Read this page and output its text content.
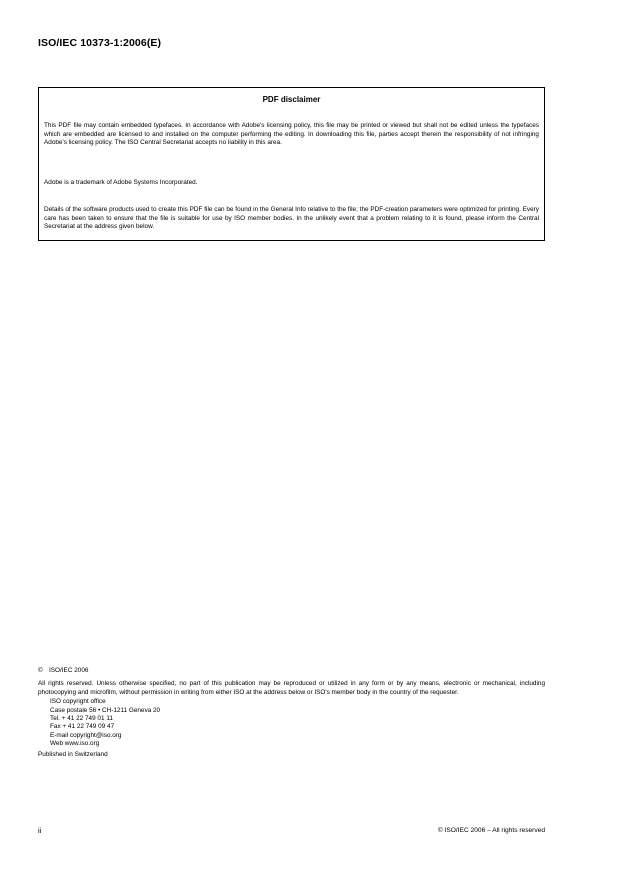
ISO/IEC 10373-1:2006(E)
PDF disclaimer
This PDF file may contain embedded typefaces. In accordance with Adobe's licensing policy, this file may be printed or viewed but shall not be edited unless the typefaces which are embedded are licensed to and installed on the computer performing the editing. In downloading this file, parties accept therein the responsibility of not infringing Adobe's licensing policy. The ISO Central Secretariat accepts no liability in this area.
Adobe is a trademark of Adobe Systems Incorporated.
Details of the software products used to create this PDF file can be found in the General Info relative to the file; the PDF-creation parameters were optimized for printing. Every care has been taken to ensure that the file is suitable for use by ISO member bodies. In the unlikely event that a problem relating to it is found, please inform the Central Secretariat at the address given below.
© ISO/IEC 2006
All rights reserved. Unless otherwise specified, no part of this publication may be reproduced or utilized in any form or by any means, electronic or mechanical, including photocopying and microfilm, without permission in writing from either ISO at the address below or ISO's member body in the country of the requester.
ISO copyright office
Case postale 56 • CH-1211 Geneva 20
Tel. + 41 22 749 01 11
Fax + 41 22 749 09 47
E-mail copyright@iso.org
Web www.iso.org
Published in Switzerland
ii	© ISO/IEC 2006 – All rights reserved
